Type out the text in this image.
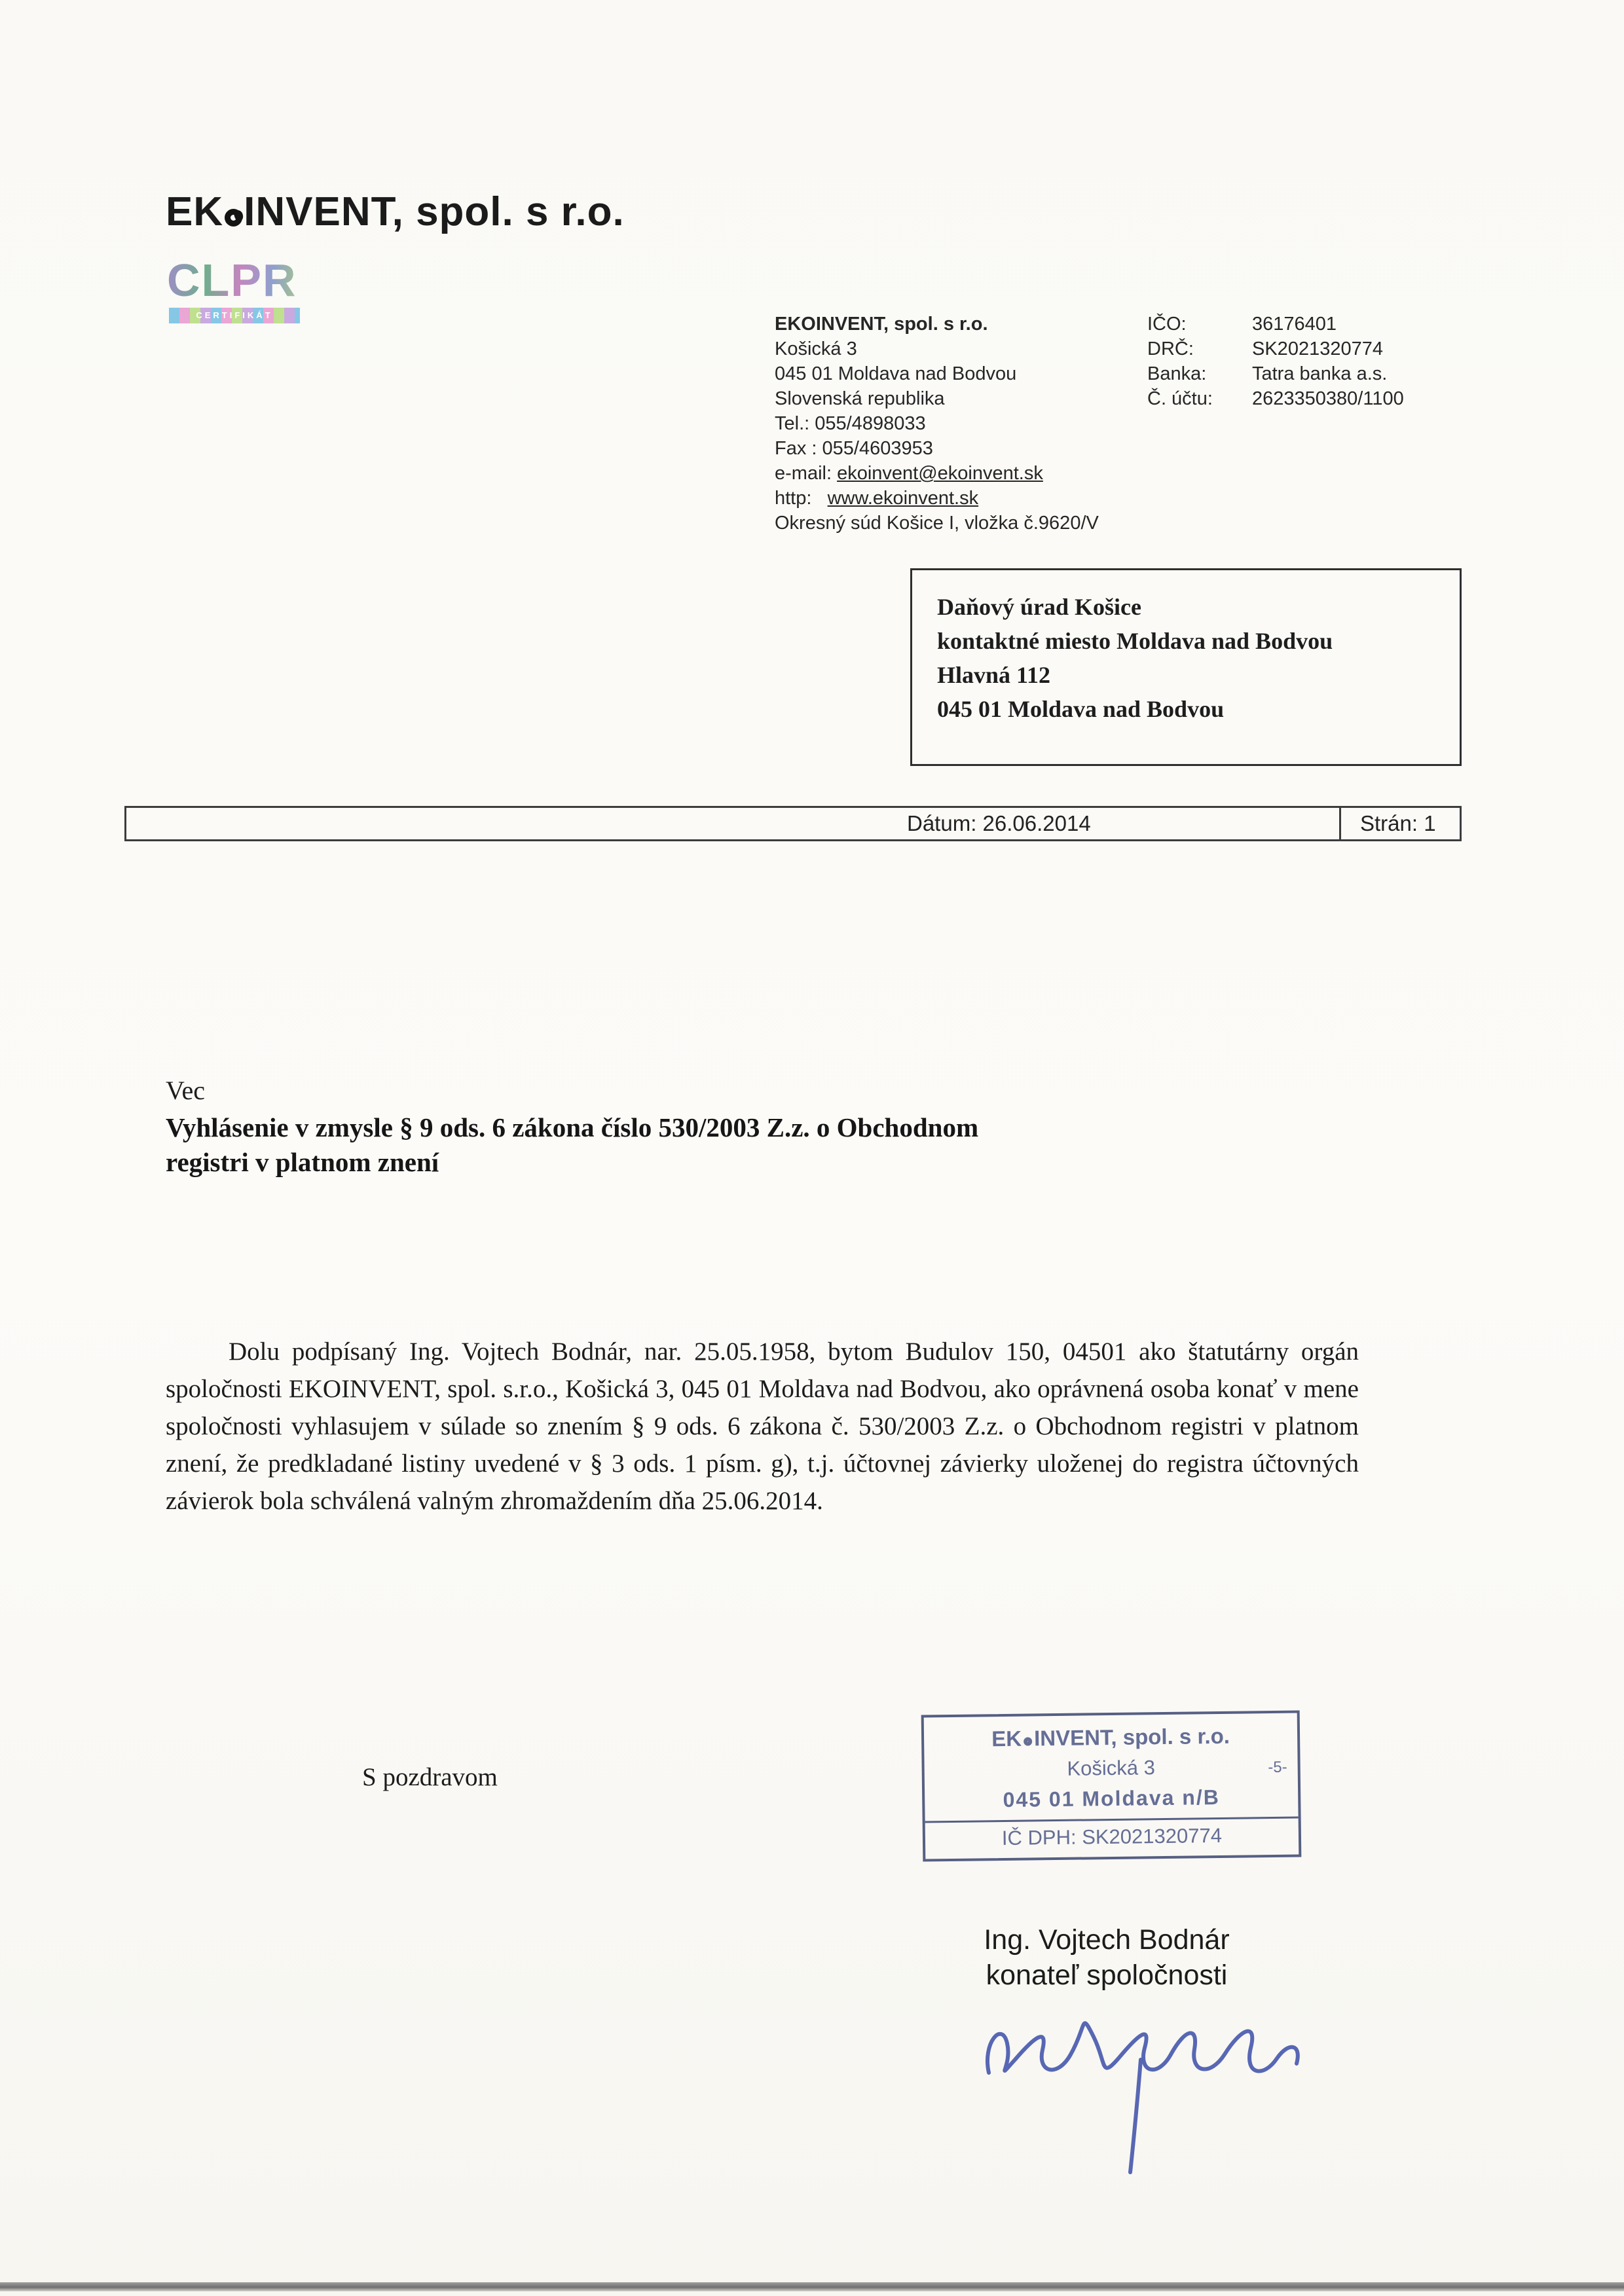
EK INVENT, spol. s r.o.
CLPR
CERTIFIKÁT	EKOINVENT, spol. s r.o.
Košická 3
045 01 Moldava nad Bodvou
Slovenská republika
Tel.: 055/4898033
Fax : 055/4603953
e-mail: ekoinvent@ekoinvent.sk
http: www.ekoinvent.sk
Okresný súd Košice I, vložka č.9620/V
IČO:	36176401
DRČ:	SK2021320774
Banka:	Tatra banka a.s.
Č. účtu:	2623350380/1100
Daňový úrad Košice
kontaktné miesto Moldava nad Bodvou
Hlavná 112
045 01 Moldava nad Bodvou
Dátum: 26.06.2014	Strán: 1
Vec
Vyhlásenie v zmysle § 9 ods. 6 zákona číslo 530/2003 Z.z. o Obchodnom
registri v platnom znení
Dolu podpísaný Ing. Vojtech Bodnár, nar. 25.05.1958, bytom Budulov 150, 04501 ako štatutárny orgán spoločnosti EKOINVENT, spol. s.r.o., Košická 3, 045 01 Moldava nad Bodvou, ako oprávnená osoba konať v mene spoločnosti vyhlasujem v súlade so znením § 9 ods. 6 zákona č. 530/2003 Z.z. o Obchodnom registri v platnom znení, že predkladané listiny uvedené v § 3 ods. 1 písm. g), t.j. účtovnej závierky uloženej do registra účtovných závierok bola schválená valným zhromaždením dňa 25.06.2014.
S pozdravom
EK INVENT, spol. s r.o.
Košická 3	-5-
045 01 Moldava n/B
IČ DPH: SK2021320774
Ing. Vojtech Bodnár
konateľ spoločnosti
